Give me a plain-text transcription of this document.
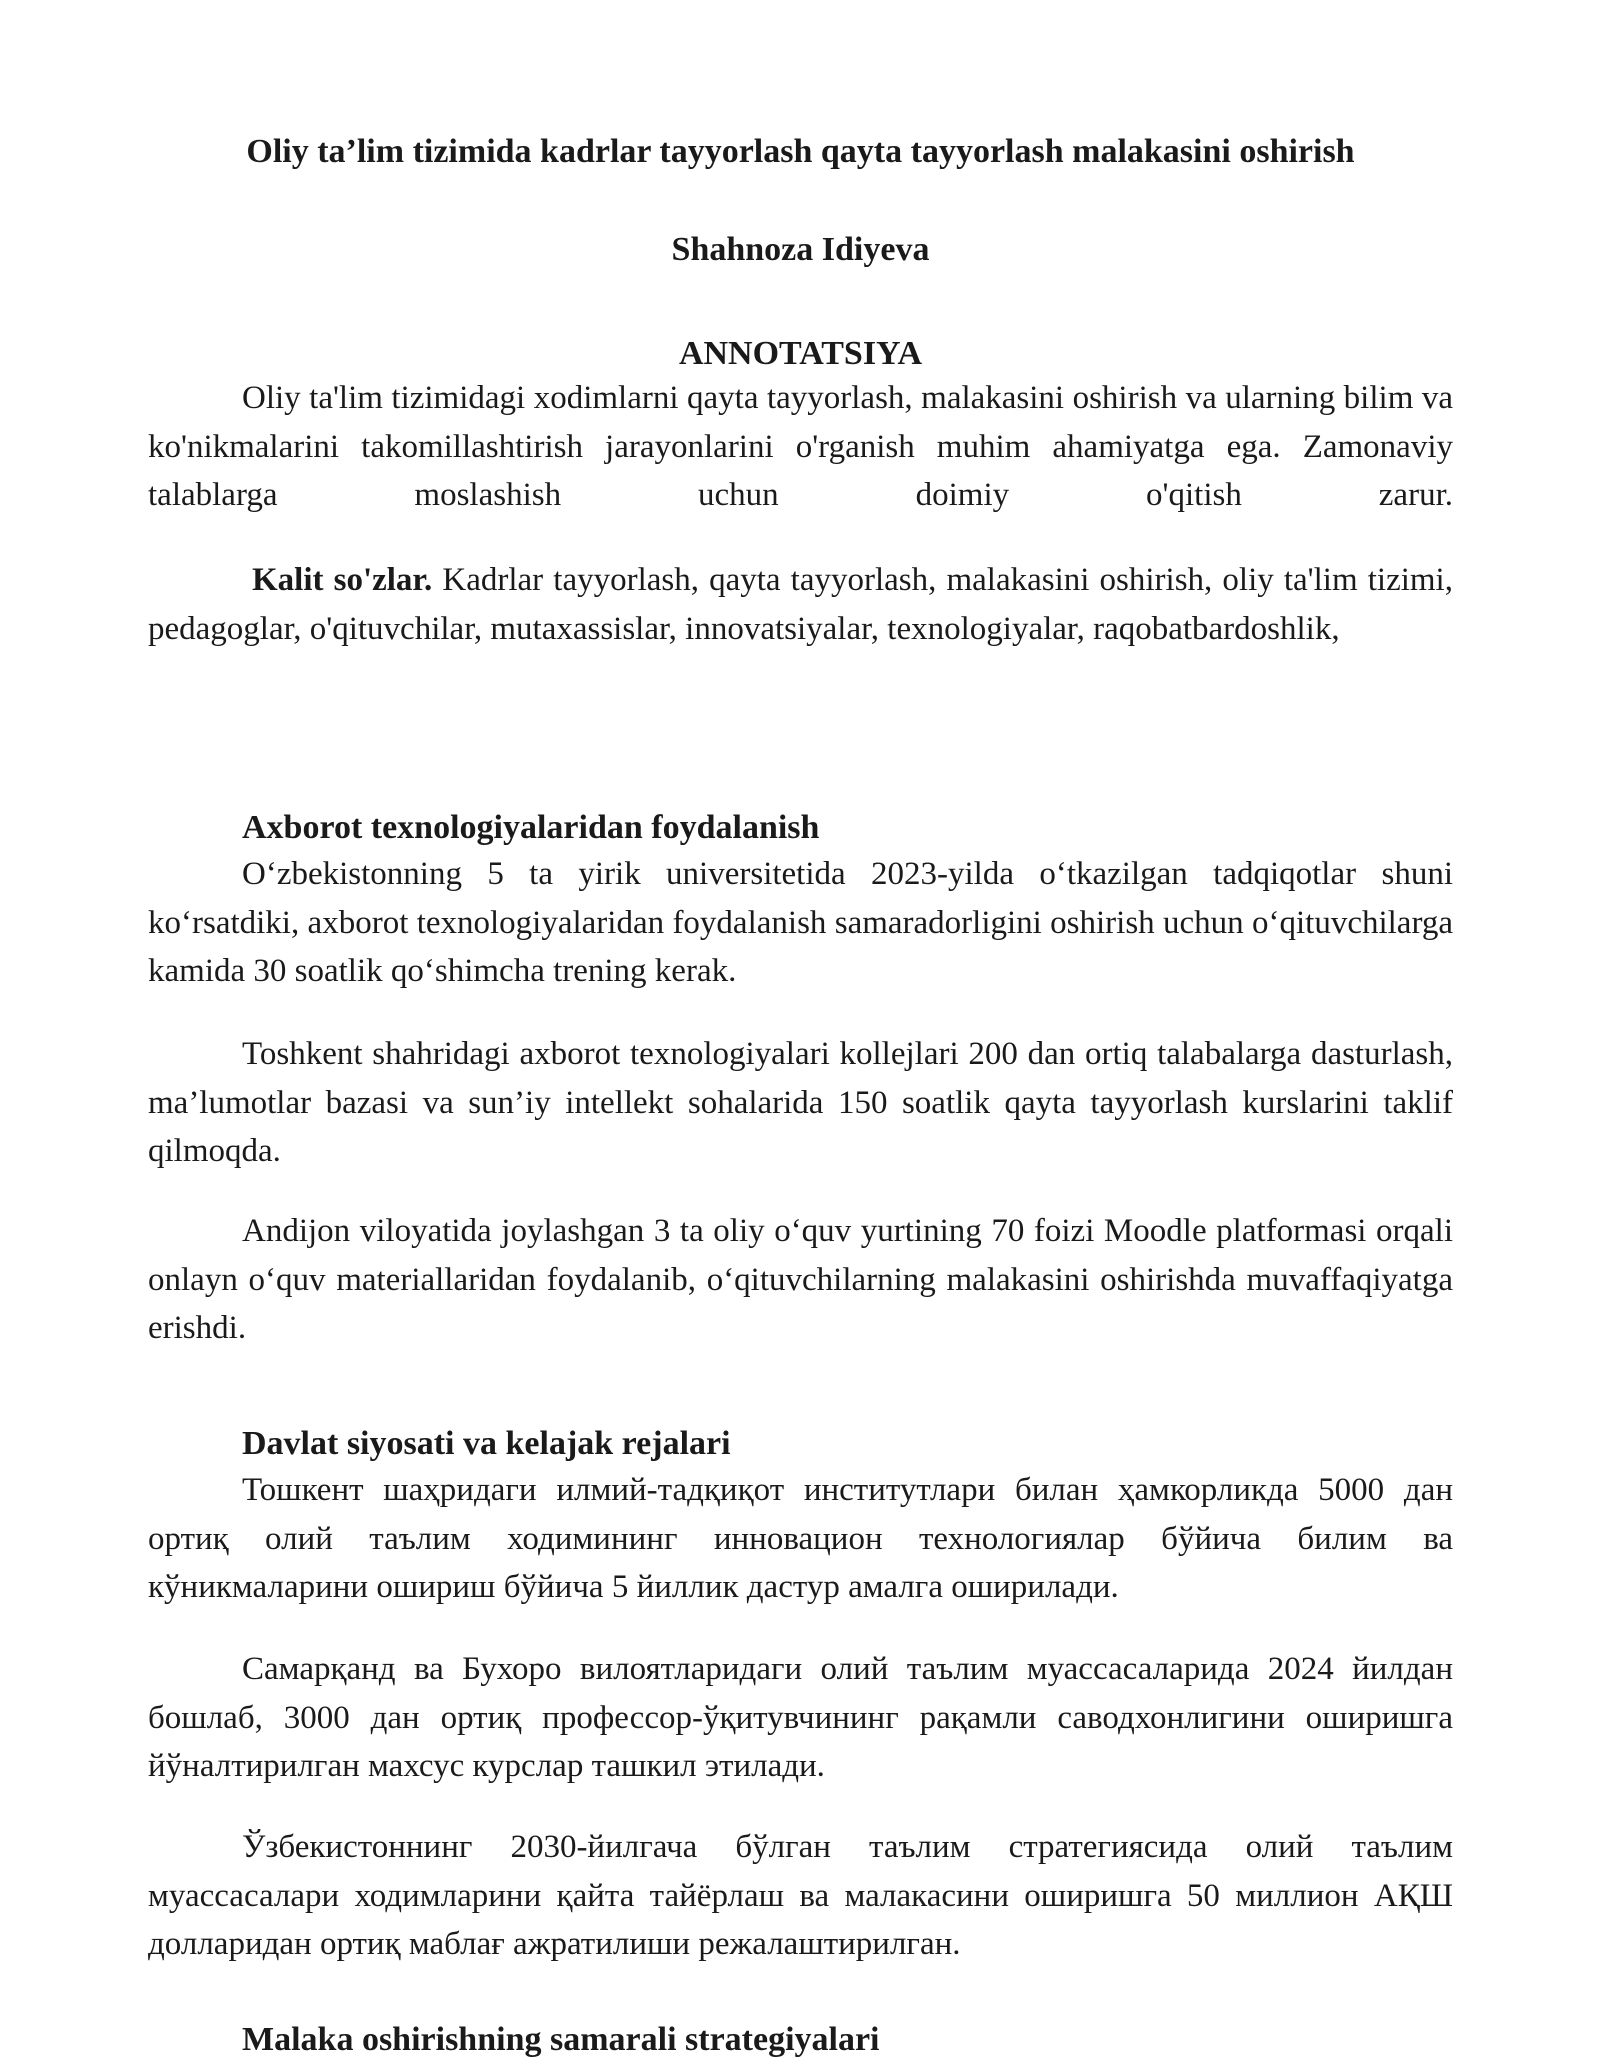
Oliy ta’lim tizimida kadrlar tayyorlash qayta tayyorlash malakasini oshirish
Shahnoza Idiyeva
ANNOTATSIYA

Oliy ta'lim tizimidagi xodimlarni qayta tayyorlash, malakasini oshirish va ularning bilim va ko'nikmalarini takomillashtirish jarayonlarini o'rganish muhim ahamiyatga ega. Zamonaviy talablarga moslashish uchun doimiy o'qitish zarur.

Kalit so'zlar. Kadrlar tayyorlash, qayta tayyorlash, malakasini oshirish, oliy ta'lim tizimi, pedagoglar, o'qituvchilar, mutaxassislar, innovatsiyalar, texnologiyalar, raqobatbardoshlik,

Axborot texnologiyalaridan foydalanish

O‘zbekistonning 5 ta yirik universitetida 2023-yilda o‘tkazilgan tadqiqotlar shuni ko‘rsatdiki, axborot texnologiyalaridan foydalanish samaradorligini oshirish uchun o‘qituvchilarga kamida 30 soatlik qo‘shimcha trening kerak.

Toshkent shahridagi axborot texnologiyalari kollejlari 200 dan ortiq talabalarga dasturlash, ma’lumotlar bazasi va sun’iy intellekt sohalarida 150 soatlik qayta tayyorlash kurslarini taklif qilmoqda.

Andijon viloyatida joylashgan 3 ta oliy o‘quv yurtining 70 foizi Moodle platformasi orqali onlayn o‘quv materiallaridan foydalanib, o‘qituvchilarning malakasini oshirishda muvaffaqiyatga erishdi.

Davlat siyosati va kelajak rejalari

Тошкент шаҳридаги илмий-тадқиқот институтлари билан ҳамкорликда 5000 дан ортиқ олий таълим ходимининг инновацион технологиялар бўйича билим ва кўникмаларини ошириш бўйича 5 йиллик дастур амалга оширилади.

Самарқанд ва Бухоро вилоятларидаги олий таълим муассасаларида 2024 йилдан бошлаб, 3000 дан ортиқ профессор-ўқитувчининг рақамли саводхонлигини оширишга йўналтирилган махсус курслар ташкил этилади.

Ўзбекистоннинг 2030-йилгача бўлган таълим стратегиясида олий таълим муассасалари ходимларини қайта тайёрлаш ва малакасини оширишга 50 миллион АҚШ долларидан ортиқ маблағ ажратилиши режалаштирилган.

Malaka oshirishning samarali strategiyalari
